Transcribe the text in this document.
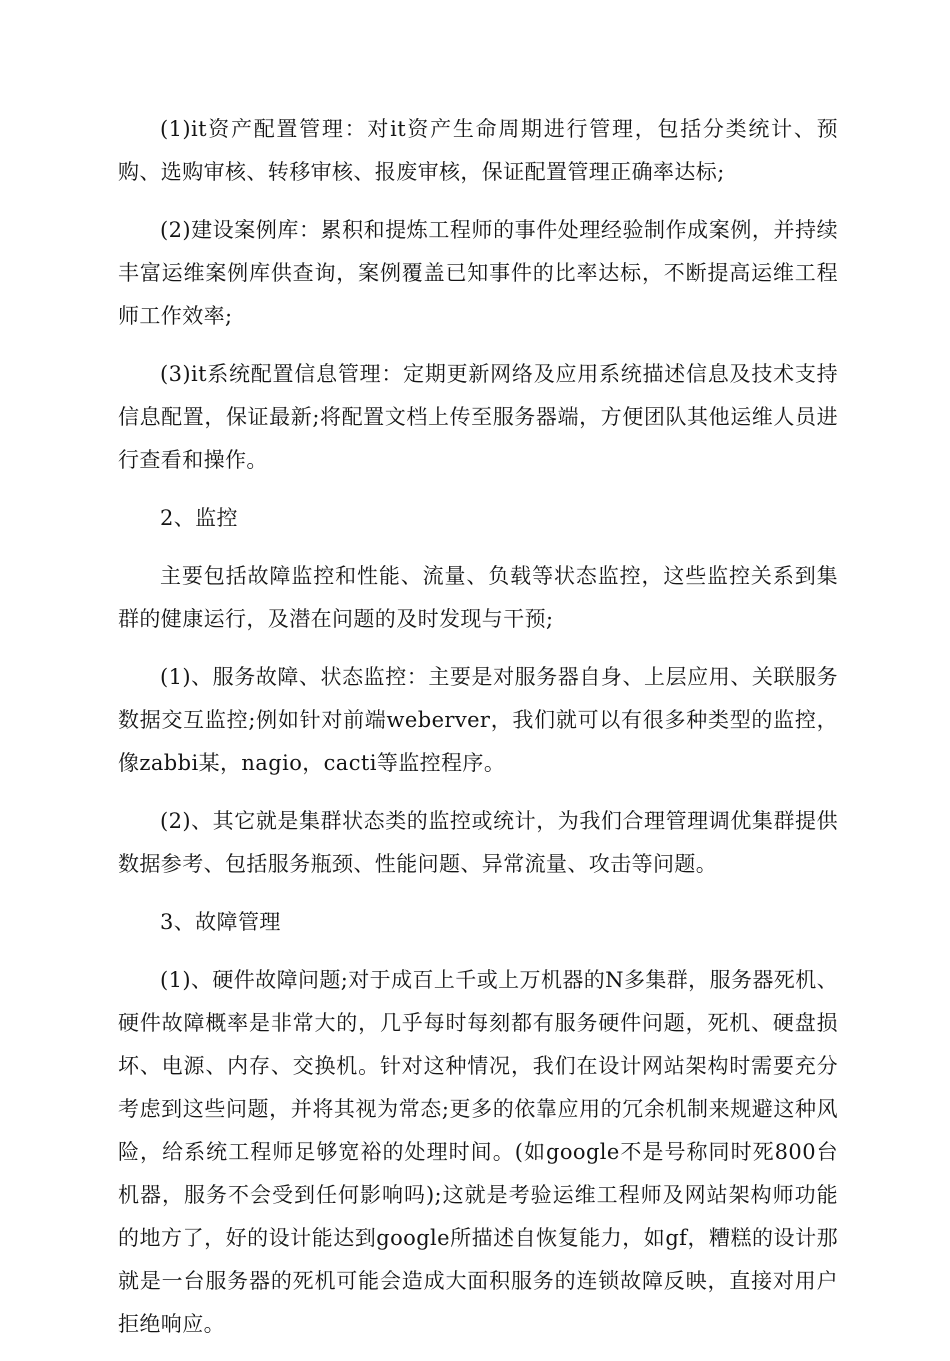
(1)it资产配置管理：对it资产生命周期进行管理，包括分类统计、预购、选购审核、转移审核、报废审核，保证配置管理正确率达标;

(2)建设案例库：累积和提炼工程师的事件处理经验制作成案例，并持续丰富运维案例库供查询，案例覆盖已知事件的比率达标，不断提高运维工程师工作效率;

(3)it系统配置信息管理：定期更新网络及应用系统描述信息及技术支持信息配置，保证最新;将配置文档上传至服务器端，方便团队其他运维人员进行查看和操作。

2、监控

主要包括故障监控和性能、流量、负载等状态监控，这些监控关系到集群的健康运行，及潜在问题的及时发现与干预;

(1)、服务故障、状态监控：主要是对服务器自身、上层应用、关联服务数据交互监控;例如针对前端weberver，我们就可以有很多种类型的监控，像zabbi某，nagio，cacti等监控程序。

(2)、其它就是集群状态类的监控或统计，为我们合理管理调优集群提供数据参考、包括服务瓶颈、性能问题、异常流量、攻击等问题。

3、故障管理

(1)、硬件故障问题;对于成百上千或上万机器的N多集群，服务器死机、硬件故障概率是非常大的，几乎每时每刻都有服务硬件问题，死机、硬盘损坏、电源、内存、交换机。针对这种情况，我们在设计网站架构时需要充分考虑到这些问题，并将其视为常态;更多的依靠应用的冗余机制来规避这种风险，给系统工程师足够宽裕的处理时间。(如google不是号称同时死800台机器，服务不会受到任何影响吗);这就是考验运维工程师及网站架构师功能的地方了，好的设计能达到google所描述自恢复能力，如gf，糟糕的设计那就是一台服务器的死机可能会造成大面积服务的连锁故障反映，直接对用户拒绝响应。
